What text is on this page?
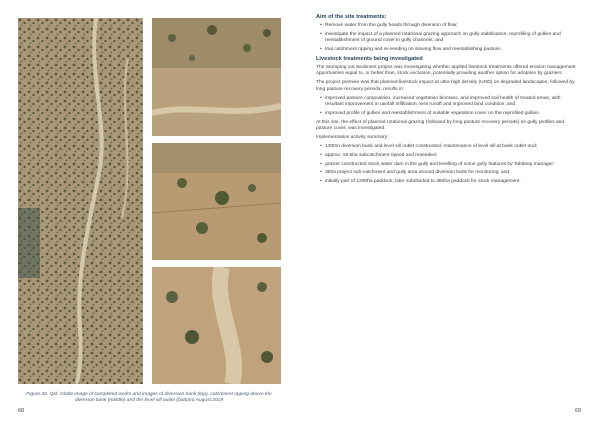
Figure 30. Qld. Globe image of completed works and images of diversion bank (top), catchment ripping above the diversion bank (middle) and the level sill outlet (bottom) August 2019
68
Aim of the site treatments:
• Remove water from the gully heads through diversion of flow;
• investigate the impact of a planned rotational grazing approach on gully stabilisation, reprofiling of gullies and reestablishment of ground cover in gully channels; and
• trial catchment ripping and re-seeding on slowing flow and reestablishing pasture.
Livestock treatments being investigated

The Stomping out Sediment project was investigating whether applied livestock treatments offered erosion management opportunities equal to, or better than, stock exclusion, potentially providing another option for adoption by graziers.

The project premise was that planned livestock impact at ultra high density (UHD) on degraded landscapes, followed by long pasture recovery periods, results in:

• improved pasture composition, increased vegetation biomass, and improved soil health of treated areas, with resultant improvement in rainfall infiltration, less runoff and improved land condition; and
• improved profile of gullies and reestablishment of suitable vegetation cover on the reprofiled gullies.

At this site, the effect of planned rotational grazing (followed by long pasture recovery periods) on gully profiles and pasture cover, was investigated.

Implementation activity summary:

• 1300m diversion bank and level sill outlet constructed, maintenance of level sill at bank outlet end;
• approx. 18.5ha subcatchment ripped and reseeded;
• grazier constructed stock water dam in the gully and levelling of some gully features by Tabletop manager;
• 35ha project sub-catchment and gully area around diversion bank for monitoring; and
• initially part of 1200ha paddock, later subdivided to 380ha paddock for stock management.
69
